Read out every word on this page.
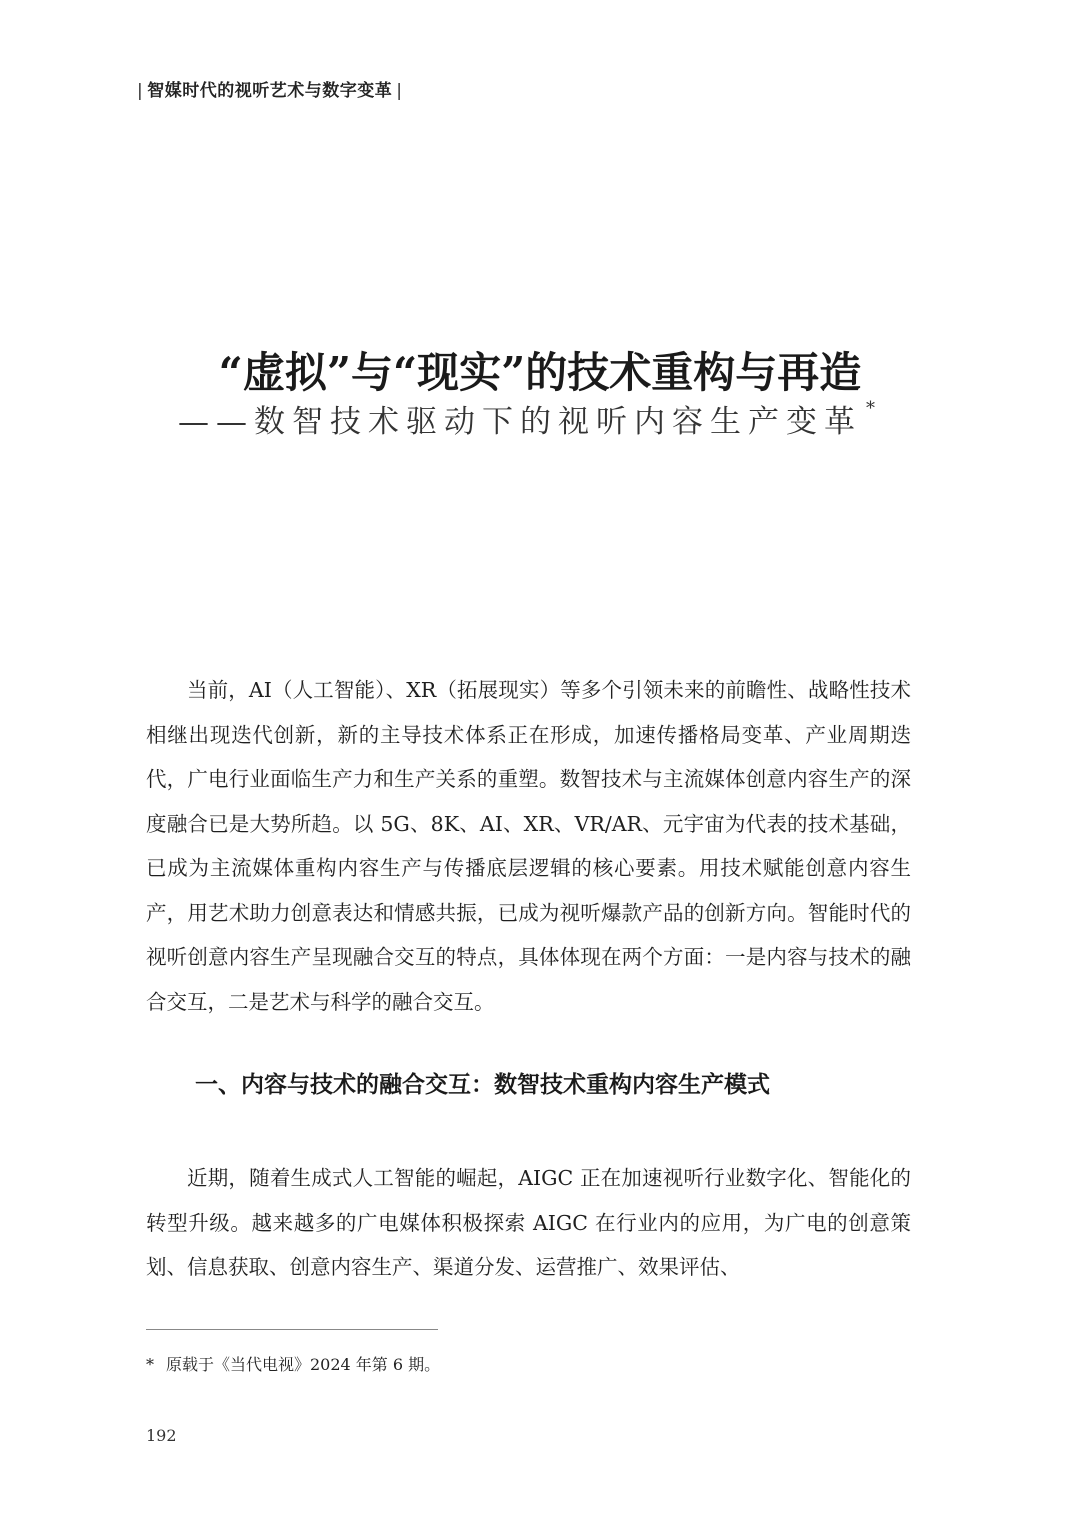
| 智媒时代的视听艺术与数字变革 |
“虚拟”与“现实”的技术重构与再造
——数智技术驱动下的视听内容生产变革 *

当前，AI（人工智能）、XR（拓展现实）等多个引领未来的前瞻性、战略性技术相继出现迭代创新，新的主导技术体系正在形成，加速传播格局变革、产业周期迭代，广电行业面临生产力和生产关系的重塑。数智技术与主流媒体创意内容生产的深度融合已是大势所趋。以 5G、8K、AI、XR、VR/AR、元宇宙为代表的技术基础，已成为主流媒体重构内容生产与传播底层逻辑的核心要素。用技术赋能创意内容生产，用艺术助力创意表达和情感共振，已成为视听爆款产品的创新方向。智能时代的视听创意内容生产呈现融合交互的特点，具体体现在两个方面：一是内容与技术的融合交互，二是艺术与科学的融合交互。

一、内容与技术的融合交互：数智技术重构内容生产模式

近期，随着生成式人工智能的崛起，AIGC 正在加速视听行业数字化、智能化的转型升级。越来越多的广电媒体积极探索 AIGC 在行业内的应用，为广电的创意策划、信息获取、创意内容生产、渠道分发、运营推广、效果评估、

* 原载于《当代电视》2024 年第 6 期。
192
